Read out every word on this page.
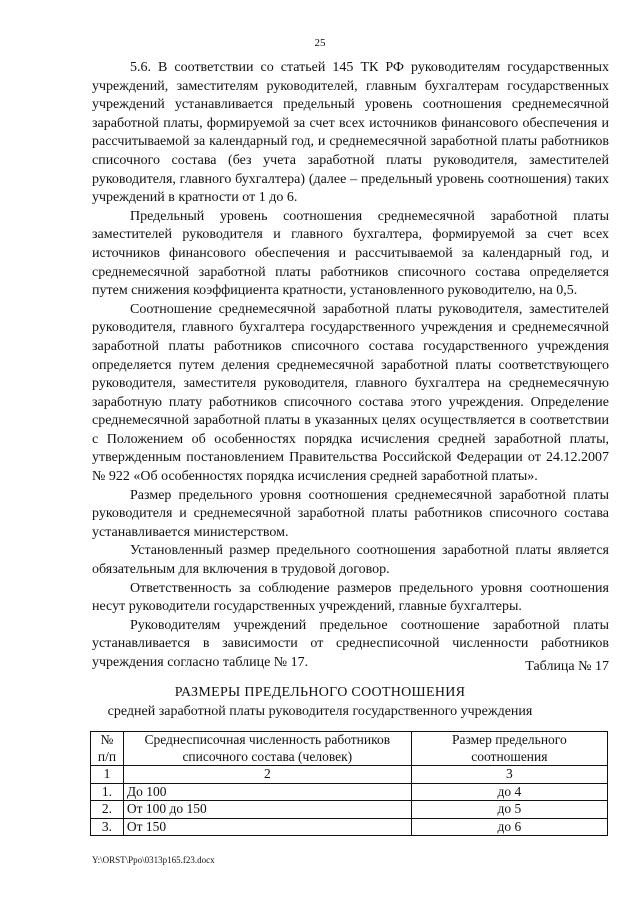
25

5.6. В соответствии со статьей 145 ТК РФ руководителям государственных учреждений, заместителям руководителей, главным бухгалтерам государственных учреждений устанавливается предельный уровень соотношения среднемесячной заработной платы, формируемой за счет всех источников финансового обеспечения и рассчитываемой за календарный год, и среднемесячной заработной платы работников списочного состава (без учета заработной платы руководителя, заместителей руководителя, главного бухгалтера) (далее – предельный уровень соотношения) таких учреждений в кратности от 1 до 6.

Предельный уровень соотношения среднемесячной заработной платы заместителей руководителя и главного бухгалтера, формируемой за счет всех источников финансового обеспечения и рассчитываемой за календарный год, и среднемесячной заработной платы работников списочного состава определяется путем снижения коэффициента кратности, установленного руководителю, на 0,5.

Соотношение среднемесячной заработной платы руководителя, заместителей руководителя, главного бухгалтера государственного учреждения и среднемесячной заработной платы работников списочного состава государственного учреждения определяется путем деления среднемесячной заработной платы соответствующего руководителя, заместителя руководителя, главного бухгалтера на среднемесячную заработную плату работников списочного состава этого учреждения. Определение среднемесячной заработной платы в указанных целях осуществляется в соответствии с Положением об особенностях порядка исчисления средней заработной платы, утвержденным постановлением Правительства Российской Федерации от 24.12.2007 № 922 «Об особенностях порядка исчисления средней заработной платы».

Размер предельного уровня соотношения среднемесячной заработной платы руководителя и среднемесячной заработной платы работников списочного состава устанавливается министерством.

Установленный размер предельного соотношения заработной платы является обязательным для включения в трудовой договор.

Ответственность за соблюдение размеров предельного уровня соотношения несут руководители государственных учреждений, главные бухгалтеры.

Руководителям учреждений предельное соотношение заработной платы устанавливается в зависимости от среднесписочной численности работников учреждения согласно таблице № 17.	Таблица № 17
РАЗМЕРЫ ПРЕДЕЛЬНОГО СООТНОШЕНИЯ
средней заработной платы руководителя государственного учреждения
№ п/п	Среднесписочная численность работников списочного состава (человек)	Размер предельного соотношения
1	2	3
1.	До 100	до 4
2.	От 100 до 150	до 5
3.	От 150	до 6
Y:\ORST\Ppo\0313p165.f23.docx
